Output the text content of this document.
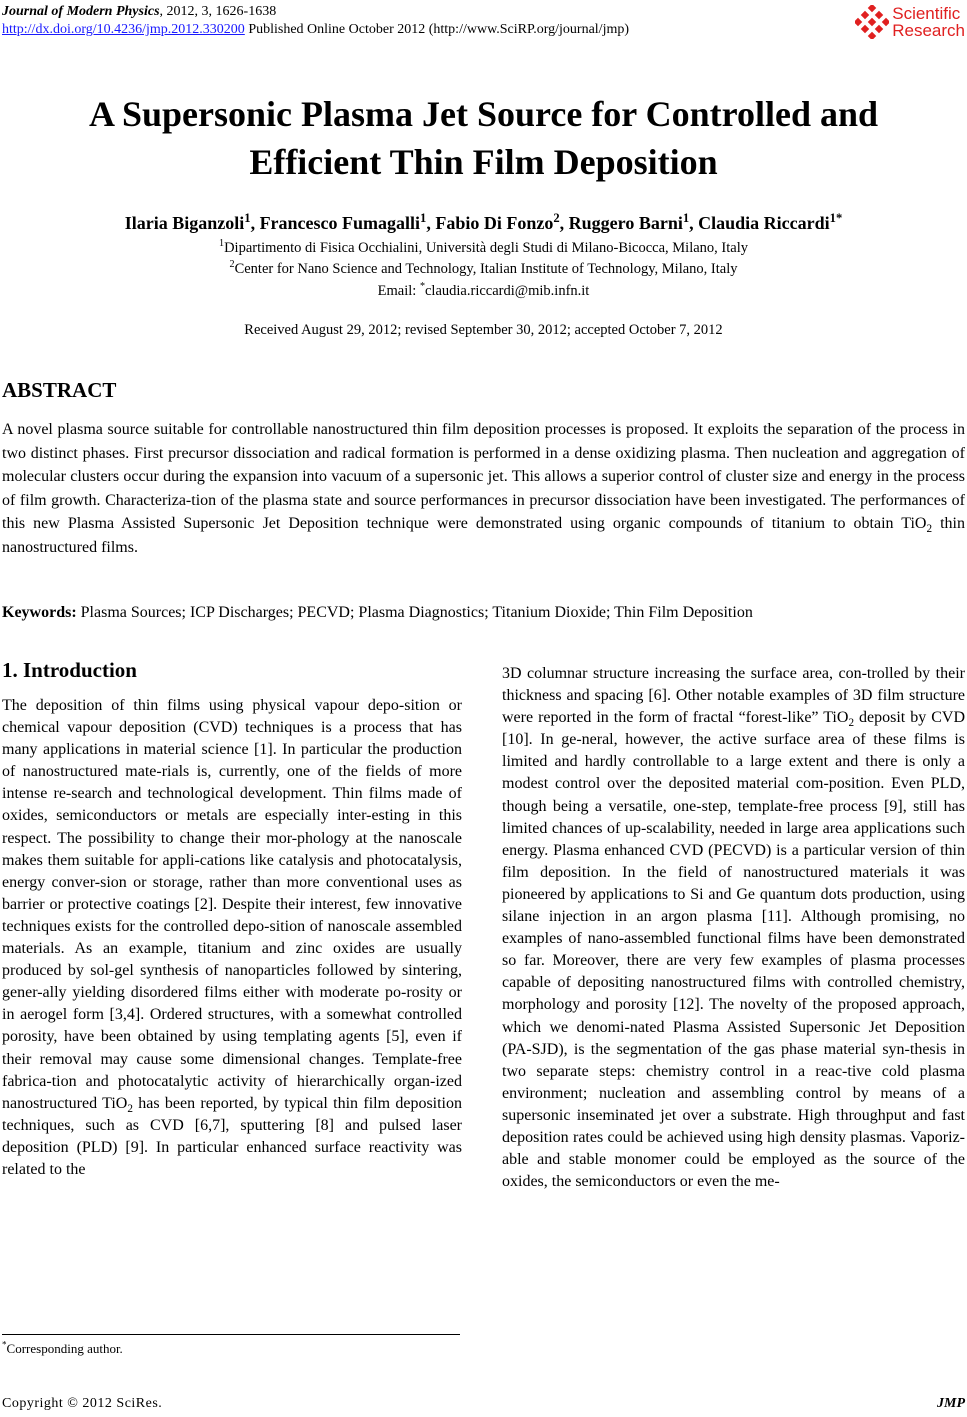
Journal of Modern Physics, 2012, 3, 1626-1638
http://dx.doi.org/10.4236/jmp.2012.330200 Published Online October 2012 (http://www.SciRP.org/journal/jmp)
Scientific
Research
A Supersonic Plasma Jet Source for Controlled and
Efficient Thin Film Deposition
Ilaria Biganzoli$^1$, Francesco Fumagalli$^1$, Fabio Di Fonzo$^2$, Ruggero Barni$^1$, Claudia Riccardi$^{1*}$
$^1$Dipartimento di Fisica Occhialini, Università degli Studi di Milano-Bicocca, Milano, Italy
$^2$Center for Nano Science and Technology, Italian Institute of Technology, Milano, Italy
Email: *claudia.riccardi@mib.infn.it
Received August 29, 2012; revised September 30, 2012; accepted October 7, 2012
ABSTRACT
A novel plasma source suitable for controllable nanostructured thin film deposition processes is proposed. It exploits the separation of the process in two distinct phases. First precursor dissociation and radical formation is performed in a dense oxidizing plasma. Then nucleation and aggregation of molecular clusters occur during the expansion into vacuum of a supersonic jet. This allows a superior control of cluster size and energy in the process of film growth. Characteriza-tion of the plasma state and source performances in precursor dissociation have been investigated. The performances of this new Plasma Assisted Supersonic Jet Deposition technique were demonstrated using organic compounds of titanium to obtain TiO$_2$ thin nanostructured films.
Keywords: Plasma Sources; ICP Discharges; PECVD; Plasma Diagnostics; Titanium Dioxide; Thin Film Deposition
1. Introduction

The deposition of thin films using physical vapour depo-sition or chemical vapour deposition (CVD) techniques is a process that has many applications in material science [1]. In particular the production of nanostructured mate-rials is, currently, one of the fields of more intense re-search and technological development. Thin films made of oxides, semiconductors or metals are especially inter-esting in this respect. The possibility to change their mor-phology at the nanoscale makes them suitable for appli-cations like catalysis and photocatalysis, energy conver-sion or storage, rather than more conventional uses as barrier or protective coatings [2]. Despite their interest, few innovative techniques exists for the controlled depo-sition of nanoscale assembled materials. As an example, titanium and zinc oxides are usually produced by sol-gel synthesis of nanoparticles followed by sintering, gener-ally yielding disordered films either with moderate po-rosity or in aerogel form [3,4]. Ordered structures, with a somewhat controlled porosity, have been obtained by using templating agents [5], even if their removal may cause some dimensional changes. Template-free fabrica-tion and photocatalytic activity of hierarchically organ-ized nanostructured TiO$_2$ has been reported, by typical thin film deposition techniques, such as CVD [6,7], sputtering [8] and pulsed laser deposition (PLD) [9]. In particular enhanced surface reactivity was related to the

3D columnar structure increasing the surface area, con-trolled by their thickness and spacing [6]. Other notable examples of 3D film structure were reported in the form of fractal “forest-like” TiO$_2$ deposit by CVD [10]. In ge-neral, however, the active surface area of these films is limited and hardly controllable to a large extent and there is only a modest control over the deposited material com-position. Even PLD, though being a versatile, one-step, template-free process [9], still has limited chances of up-scalability, needed in large area applications such energy. Plasma enhanced CVD (PECVD) is a particular version of thin film deposition. In the field of nanostructured materials it was pioneered by applications to Si and Ge quantum dots production, using silane injection in an argon plasma [11]. Although promising, no examples of nano-assembled functional films have been demonstrated so far. Moreover, there are very few examples of plasma processes capable of depositing nanostructured films with controlled chemistry, morphology and porosity [12]. The novelty of the proposed approach, which we denomi-nated Plasma Assisted Supersonic Jet Deposition (PA-SJD), is the segmentation of the gas phase material syn-thesis in two separate steps: chemistry control in a reac-tive cold plasma environment; nucleation and assembling control by means of a supersonic inseminated jet over a substrate. High throughput and fast deposition rates could be achieved using high density plasmas. Vaporiz-able and stable monomer could be employed as the source of the oxides, the semiconductors or even the me-

*Corresponding author.
Copyright © 2012 SciRes.	JMP
